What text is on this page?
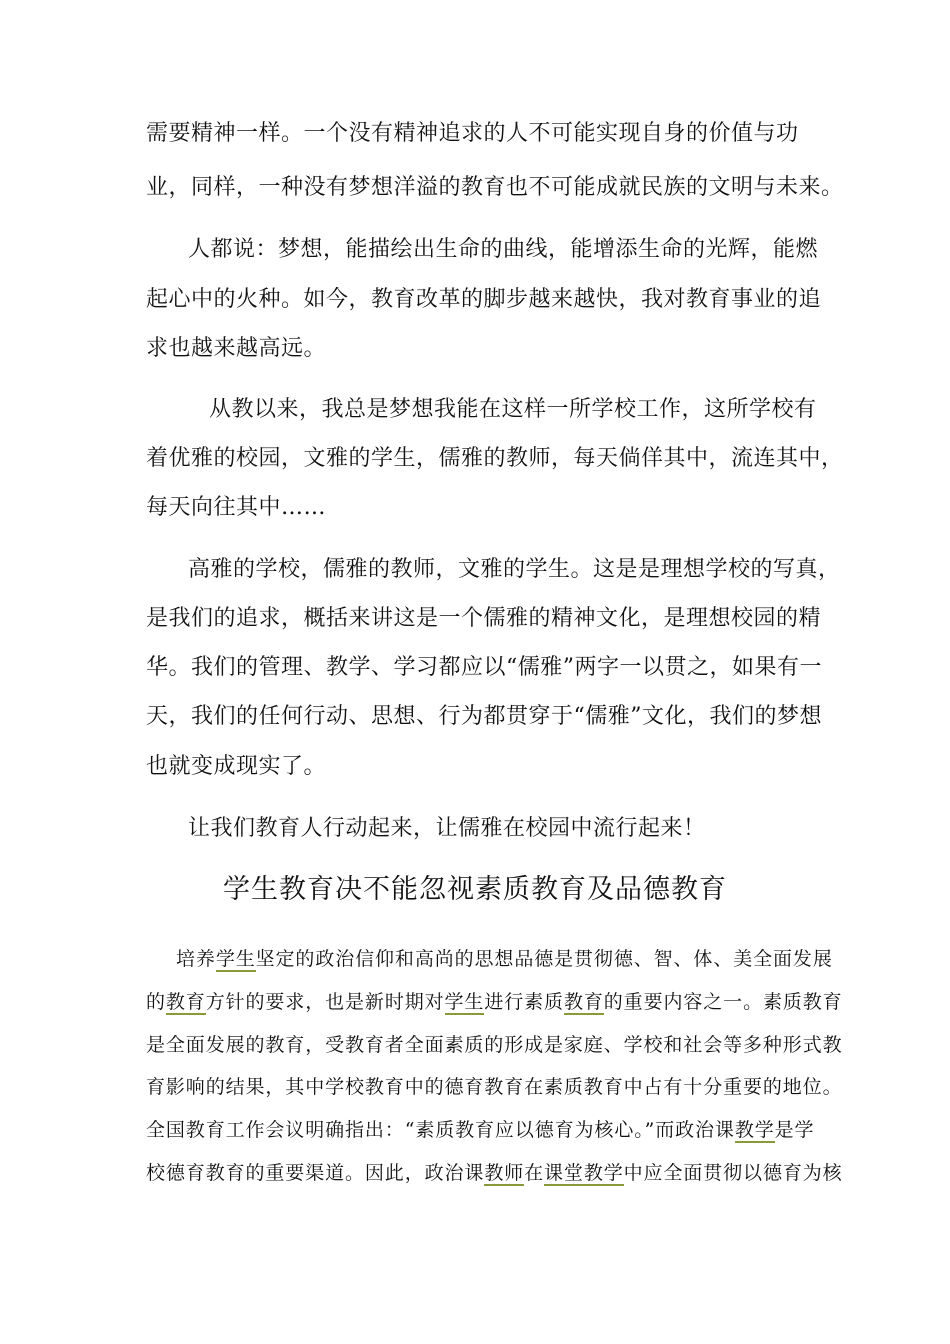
需要精神一样。一个没有精神追求的人不可能实现自身的价值与功
业，同样，一种没有梦想洋溢的教育也不可能成就民族的文明与未来。
人都说：梦想，能描绘出生命的曲线，能增添生命的光辉，能燃
起心中的火种。如今，教育改革的脚步越来越快，我对教育事业的追
求也越来越高远。
从教以来，我总是梦想我能在这样一所学校工作，这所学校有
着优雅的校园，文雅的学生，儒雅的教师，每天倘佯其中，流连其中，
每天向往其中……
高雅的学校，儒雅的教师，文雅的学生。这是是理想学校的写真，
是我们的追求，概括来讲这是一个儒雅的精神文化，是理想校园的精
华。我们的管理、教学、学习都应以“儒雅”两字一以贯之，如果有一
天，我们的任何行动、思想、行为都贯穿于“儒雅”文化，我们的梦想
也就变成现实了。
让我们教育人行动起来，让儒雅在校园中流行起来！
学生教育决不能忽视素质教育及品德教育
培养学生坚定的政治信仰和高尚的思想品德是贯彻德、智、体、美全面发展
的教育方针的要求，也是新时期对学生进行素质教育的重要内容之一。素质教育
是全面发展的教育，受教育者全面素质的形成是家庭、学校和社会等多种形式教
育影响的结果，其中学校教育中的德育教育在素质教育中占有十分重要的地位。
全国教育工作会议明确指出：“素质教育应以德育为核心。”而政治课教学是学
校德育教育的重要渠道。因此，政治课教师在课堂教学中应全面贯彻以德育为核
